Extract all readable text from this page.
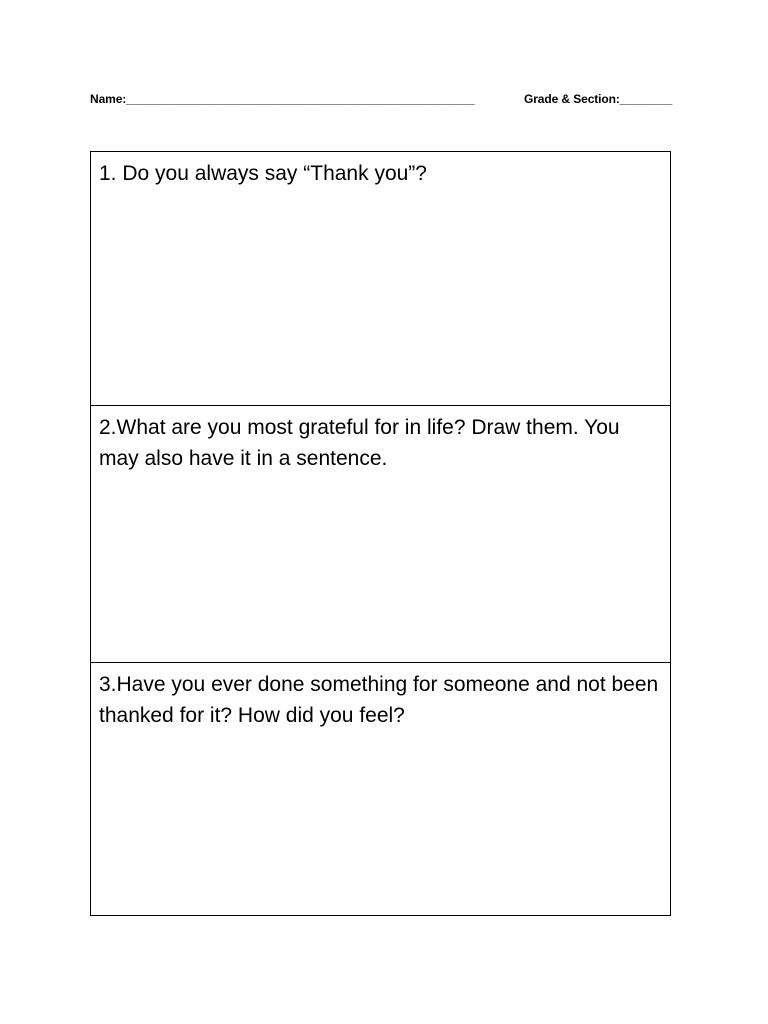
Name:_____________________________________________________	Grade & Section:________

1. Do you always say “Thank you”?

2.What are you most grateful for in life? Draw them. You may also have it in a sentence.

3.Have you ever done something for someone and not been thanked for it? How did you feel?
